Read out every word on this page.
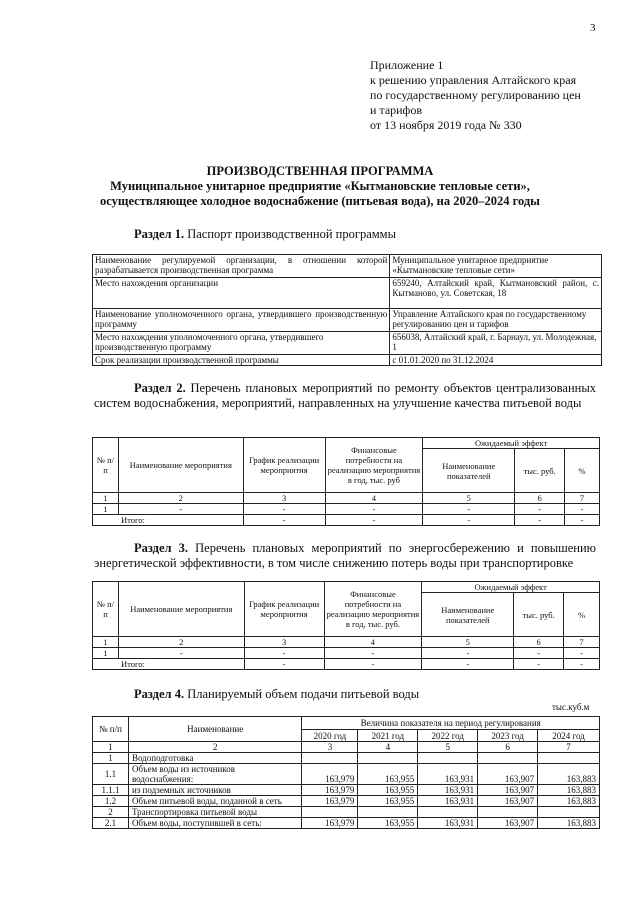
3
Приложение 1
к решению управления Алтайского края
по государственному регулированию цен
и тарифов
от 13 ноября 2019 года № 330
ПРОИЗВОДСТВЕННАЯ ПРОГРАММА
Муниципальное унитарное предприятие «Кытмановские тепловые сети»,
осуществляющее холодное водоснабжение (питьевая вода), на 2020–2024 годы
Раздел 1. Паспорт производственной программы
Наименование регулируемой организации, в отношении которой разрабатывается производственная программа	Муниципальное унитарное предприятие «Кытмановские тепловые сети»
Место нахождения организации	659240, Алтайский край, Кытмановский район, с. Кытманово, ул. Советская, 18
Наименование уполномоченного органа, утвердившего производственную программу	Управление Алтайского края по государственному регулированию цен и тарифов
Место нахождения уполномоченного органа, утвердившего производственную программу	656038, Алтайский край, г. Барнаул, ул. Молодежная, 1
Срок реализации производственной программы	с 01.01.2020 по 31.12.2024
Раздел 2. Перечень плановых мероприятий по ремонту объектов централизованных систем водоснабжения, мероприятий, направленных на улучшение качества питьевой воды
№ п/п	Наименование мероприятия	График реализации мероприятия	Финансовые потребности на реализацию мероприятия в год, тыс. руб	Ожидаемый эффект		
				Наименование показателей	тыс. руб.	%
1	2	3	4	5	6	7
1	-	-	-	-	-	-
Итого:		-	-	-	-	-
Раздел 3. Перечень плановых мероприятий по энергосбережению и повышению энергетической эффективности, в том числе снижению потерь воды при транспортировке
№ п/п	Наименование мероприятия	График реализации мероприятия	Финансовые потребности на реализацию мероприятия в год, тыс. руб.	Ожидаемый эффект		
				Наименование показателей	тыс. руб.	%
1	2	3	4	5	6	7
1	-	-	-	-	-	-
Итого:		-	-	-	-	-
Раздел 4. Планируемый объем подачи питьевой воды
тыс.куб.м
№ п/п	Наименование	Величина показателя на период регулирования				
		2020 год	2021 год	2022 год	2023 год	2024 год
1	2	3	4	5	6	7
1	Водоподготовка					
1.1	Объем воды из источников водоснабжения:	163,979	163,955	163,931	163,907	163,883
1.1.1	из подземных источников	163,979	163,955	163,931	163,907	163,883
1.2	Объем питьевой воды, поданной в сеть	163,979	163,955	163,931	163,907	163,883
2	Транспортировка питьевой воды					
2.1	Объем воды, поступившей в сеть:	163,979	163,955	163,931	163,907	163,883
